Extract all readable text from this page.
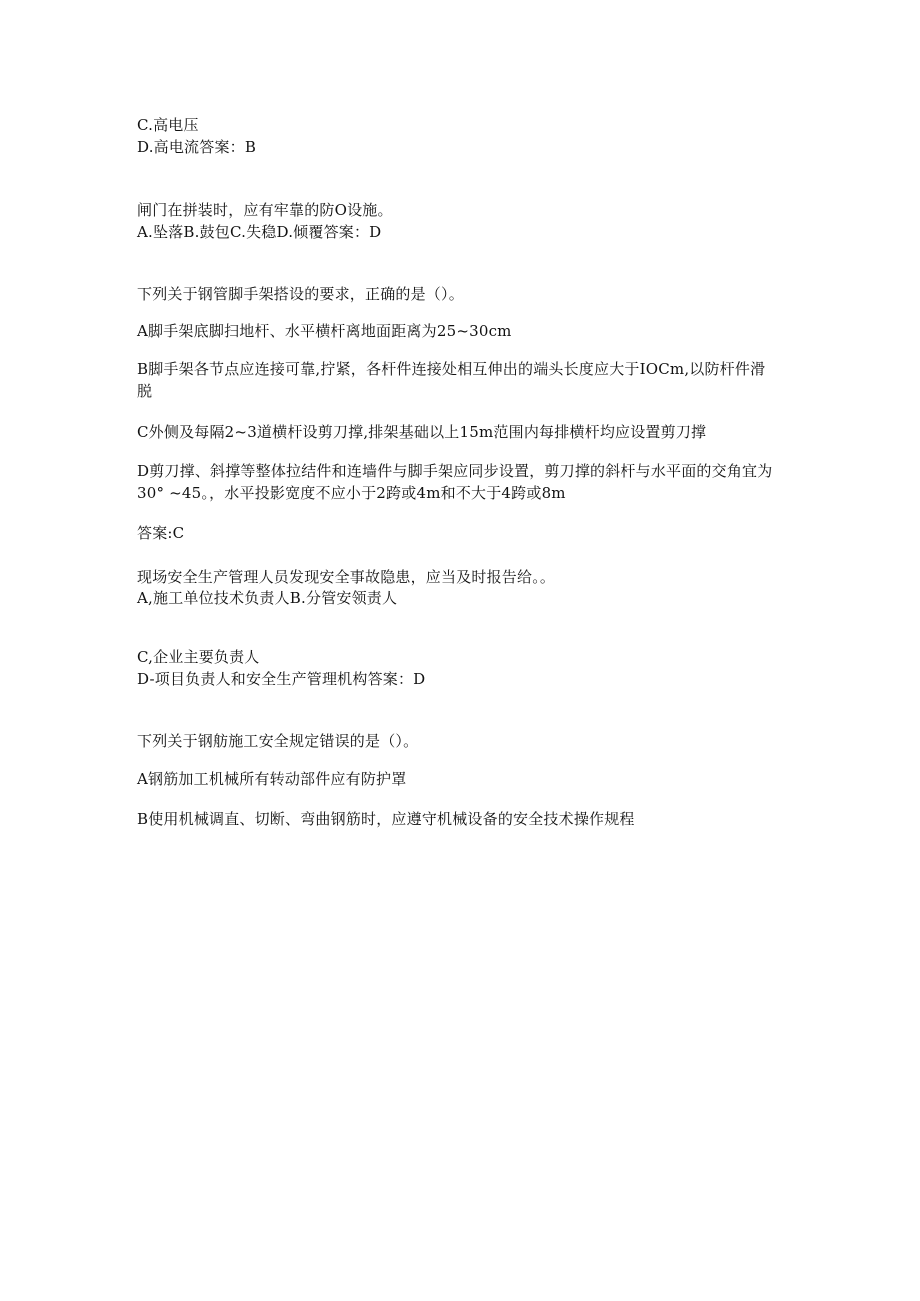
C.高电压
D.高电流答案：B
闸门在拼装时，应有牢靠的防O设施。
A.坠落B.鼓包C.失稳D.倾覆答案：D
下列关于钢管脚手架搭设的要求，正确的是（）。
A脚手架底脚扫地杆、水平横杆离地面距离为25~30cm
B脚手架各节点应连接可靠,拧紧，各杆件连接处相互伸出的端头长度应大于IOCm,以防杆件滑脱
C外侧及每隔2~3道横杆设剪刀撑,排架基础以上15m范围内每排横杆均应设置剪刀撑
D剪刀撑、斜撑等整体拉结件和连墙件与脚手架应同步设置，剪刀撑的斜杆与水平面的交角宜为30° ~45。，水平投影宽度不应小于2跨或4m和不大于4跨或8m
答案:C
现场安全生产管理人员发现安全事故隐患，应当及时报告给。。
A,施工单位技术负责人B.分管安领责人
C,企业主要负责人
D-项目负责人和安全生产管理机构答案：D
下列关于钢舫施工安全规定错误的是（）。
A钢筋加工机械所有转动部件应有防护罩
B使用机械调直、切断、弯曲钢筋时，应遵守机械设备的安全技术操作规程
